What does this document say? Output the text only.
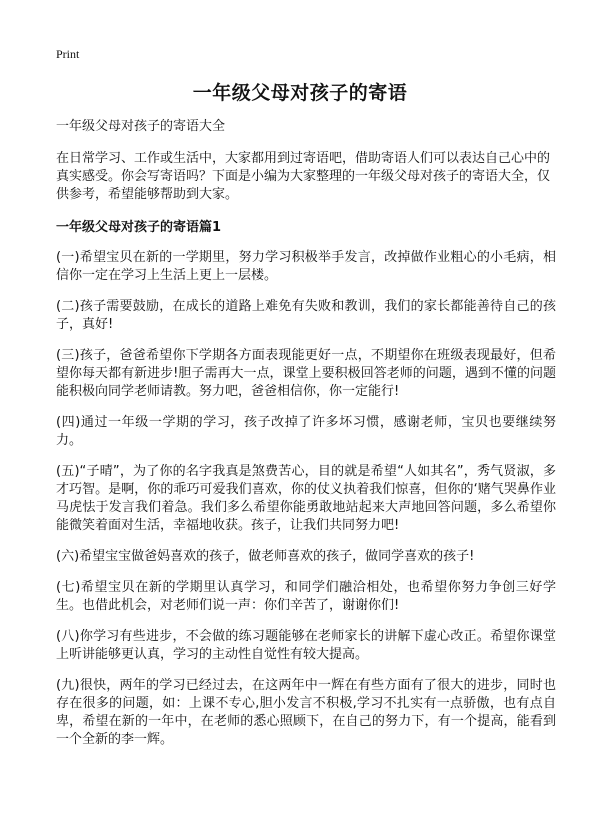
Print
一年级父母对孩子的寄语

一年级父母对孩子的寄语大全

在日常学习、工作或生活中，大家都用到过寄语吧，借助寄语人们可以表达自己心中的真实感受。你会写寄语吗？下面是小编为大家整理的一年级父母对孩子的寄语大全，仅供参考，希望能够帮助到大家。

一年级父母对孩子的寄语篇1

(一)希望宝贝在新的一学期里，努力学习积极举手发言，改掉做作业粗心的小毛病，相信你一定在学习上生活上更上一层楼。

(二)孩子需要鼓励，在成长的道路上难免有失败和教训，我们的家长都能善待自己的孩子，真好!

(三)孩子，爸爸希望你下学期各方面表现能更好一点，不期望你在班级表现最好，但希望你每天都有新进步!胆子需再大一点，课堂上要积极回答老师的问题，遇到不懂的问题能积极向同学老师请教。努力吧，爸爸相信你，你一定能行!

(四)通过一年级一学期的学习，孩子改掉了许多坏习惯，感谢老师，宝贝也要继续努力。

(五)“子晴”，为了你的名字我真是煞费苦心，目的就是希望“人如其名”，秀气贤淑，多才巧智。是啊，你的乖巧可爱我们喜欢，你的仗义执着我们惊喜，但你的‘赌气哭鼻作业马虎怯于发言我们着急。我们多么希望你能勇敢地站起来大声地回答问题，多么希望你能微笑着面对生活，幸福地收获。孩子，让我们共同努力吧!

(六)希望宝宝做爸妈喜欢的孩子，做老师喜欢的孩子，做同学喜欢的孩子!

(七)希望宝贝在新的学期里认真学习，和同学们融洽相处，也希望你努力争创三好学生。也借此机会，对老师们说一声：你们辛苦了，谢谢你们!

(八)你学习有些进步，不会做的练习题能够在老师家长的讲解下虚心改正。希望你课堂上听讲能够更认真，学习的主动性自觉性有较大提高。

(九)很快，两年的学习已经过去，在这两年中一辉在有些方面有了很大的进步，同时也存在很多的问题，如：上课不专心,胆小发言不积极,学习不扎实有一点骄傲，也有点自卑，希望在新的一年中，在老师的悉心照顾下，在自己的努力下，有一个提高，能看到一个全新的李一辉。
